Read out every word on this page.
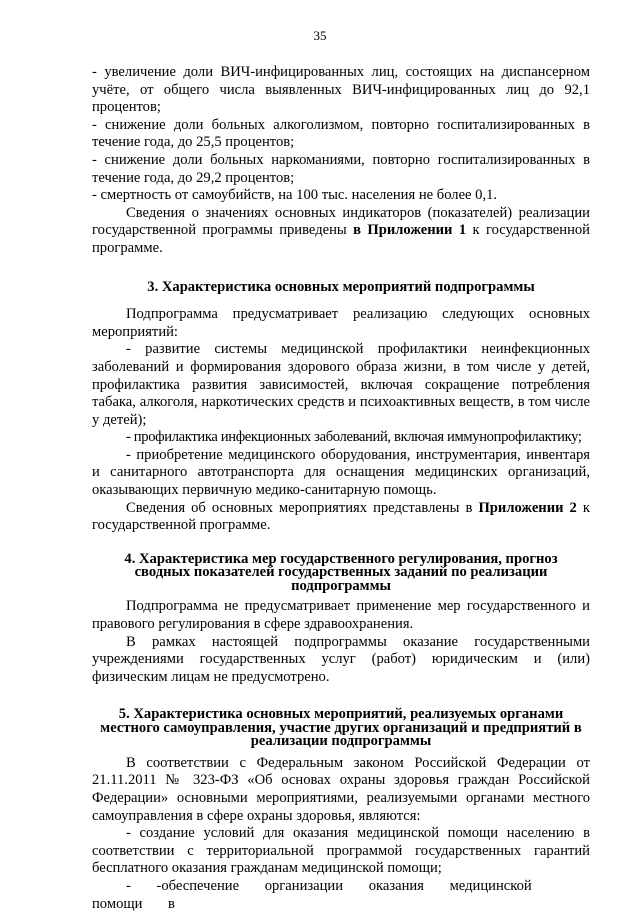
35

- увеличение доли ВИЧ-инфицированных лиц, состоящих на диспансерном учёте, от общего числа выявленных ВИЧ-инфицированных лиц до 92,1 процентов;

- снижение доли больных алкоголизмом, повторно госпитализированных в течение года, до 25,5 процентов;

- снижение доли больных наркоманиями, повторно госпитализированных в течение года, до 29,2 процентов;

- смертность от самоубийств, на 100 тыс. населения не более 0,1.

Сведения о значениях основных индикаторов (показателей) реализации государственной программы приведены в Приложении 1 к государственной программе.

3. Характеристика основных мероприятий подпрограммы

Подпрограмма предусматривает реализацию следующих основных мероприятий:

- развитие системы медицинской профилактики неинфекционных заболеваний и формирования здорового образа жизни, в том числе у детей, профилактика развития зависимостей, включая сокращение потребления табака, алкоголя, наркотических средств и психоактивных веществ, в том числе у детей);

- профилактика инфекционных заболеваний, включая иммунопрофилактику;

- приобретение медицинского оборудования, инструментария, инвентаря и санитарного автотранспорта для оснащения медицинских организаций, оказывающих первичную медико-санитарную помощь.

Сведения об основных мероприятиях представлены в Приложении 2 к государственной программе.

4. Характеристика мер государственного регулирования, прогноз
сводных показателей государственных заданий по реализации
подпрограммы

Подпрограмма не предусматривает применение мер государственного и правового регулирования в сфере здравоохранения.

В рамках настоящей подпрограммы оказание государственными учреждениями государственных услуг (работ) юридическим и (или) физическим лицам не предусмотрено.

5. Характеристика основных мероприятий, реализуемых органами
местного самоуправления, участие других организаций и предприятий в
реализации подпрограммы

В соответствии с Федеральным законом Российской Федерации от 21.11.2011 № 323-ФЗ «Об основах охраны здоровья граждан Российской Федерации» основными мероприятиями, реализуемыми органами местного самоуправления в сфере охраны здоровья, являются:

- создание условий для оказания медицинской помощи населению в соответствии с территориальной программой государственных гарантий бесплатного оказания гражданам медицинской помощи;

- -обеспечение организации оказания медицинской помощи в
